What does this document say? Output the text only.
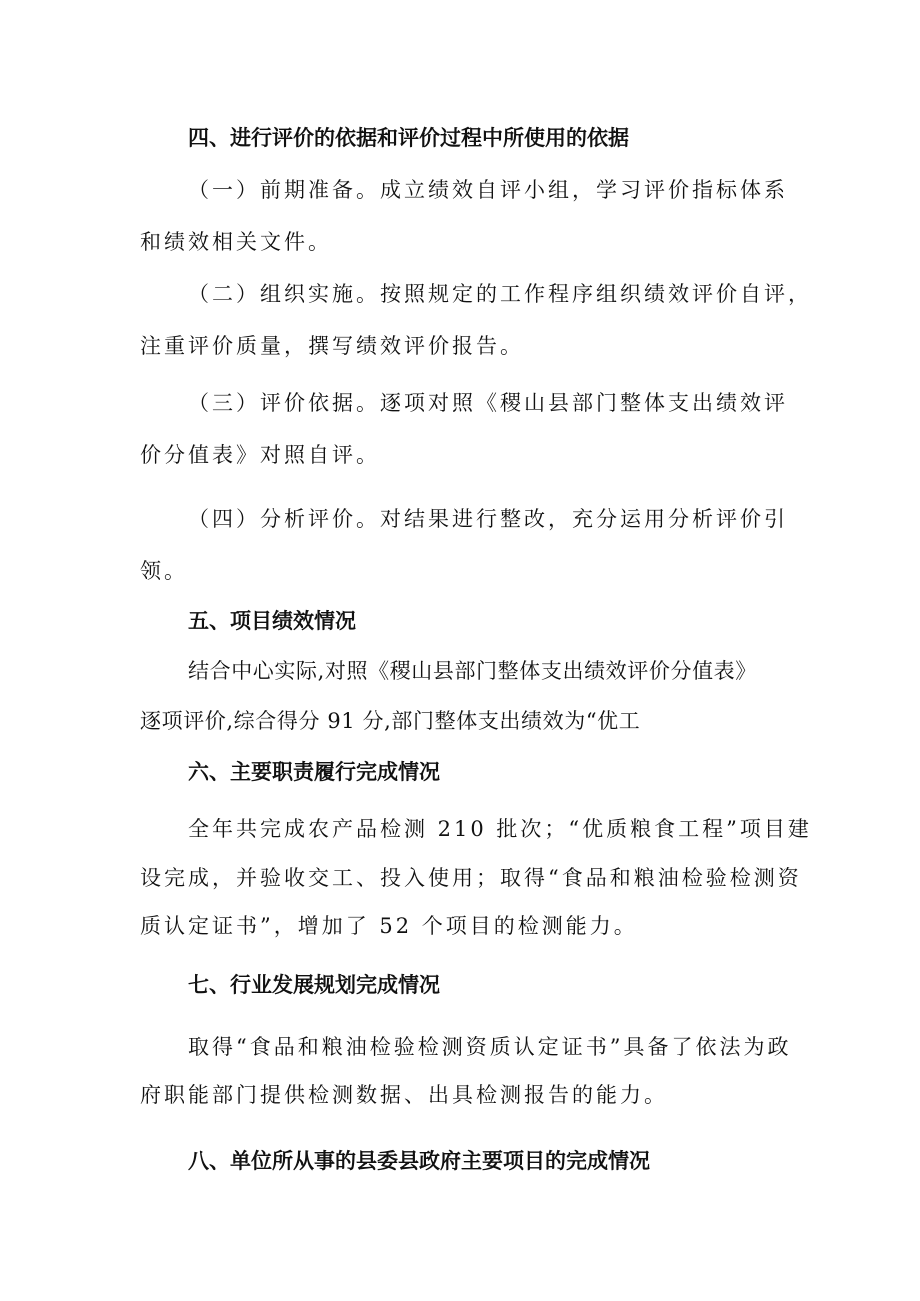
四、进行评价的依据和评价过程中所使用的依据
（一）前期准备。成立绩效自评小组，学习评价指标体系
和绩效相关文件。
（二）组织实施。按照规定的工作程序组织绩效评价自评，
注重评价质量，撰写绩效评价报告。
（三）评价依据。逐项对照《稷山县部门整体支出绩效评
价分值表》对照自评。
（四）分析评价。对结果进行整改，充分运用分析评价引
领。
五、项目绩效情况
结合中心实际,对照《稷山县部门整体支出绩效评价分值表》
逐项评价,综合得分 91 分,部门整体支出绩效为“优工
六、主要职责履行完成情况
全年共完成农产品检测 210 批次；“优质粮食工程”项目建
设完成，并验收交工、投入使用；取得“食品和粮油检验检测资
质认定证书”，增加了 52 个项目的检测能力。
七、行业发展规划完成情况
取得“食品和粮油检验检测资质认定证书”具备了依法为政
府职能部门提供检测数据、出具检测报告的能力。
八、单位所从事的县委县政府主要项目的完成情况
